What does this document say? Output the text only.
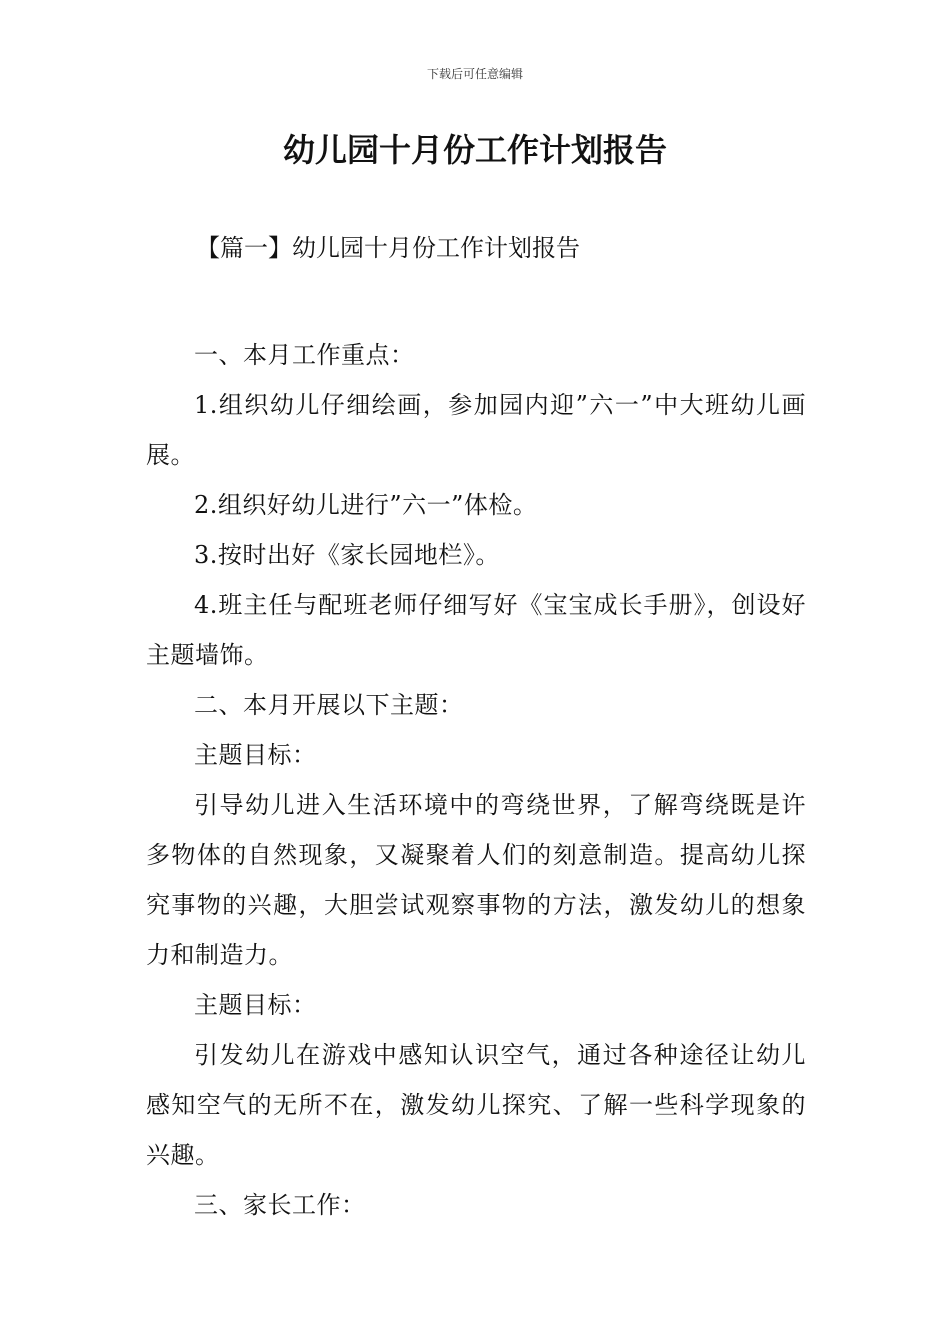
下载后可任意编辑
幼儿园十月份工作计划报告

【篇一】幼儿园十月份工作计划报告

一、本月工作重点：

1.组织幼儿仔细绘画，参加园内迎”六一”中大班幼儿画展。

2.组织好幼儿进行”六一”体检。

3.按时出好《家长园地栏》。

4.班主任与配班老师仔细写好《宝宝成长手册》，创设好主题墙饰。

二、本月开展以下主题：

主题目标：

引导幼儿进入生活环境中的弯绕世界，了解弯绕既是许多物体的自然现象，又凝聚着人们的刻意制造。提高幼儿探究事物的兴趣，大胆尝试观察事物的方法，激发幼儿的想象力和制造力。

主题目标：

引发幼儿在游戏中感知认识空气，通过各种途径让幼儿感知空气的无所不在，激发幼儿探究、了解一些科学现象的兴趣。

三、家长工作：
